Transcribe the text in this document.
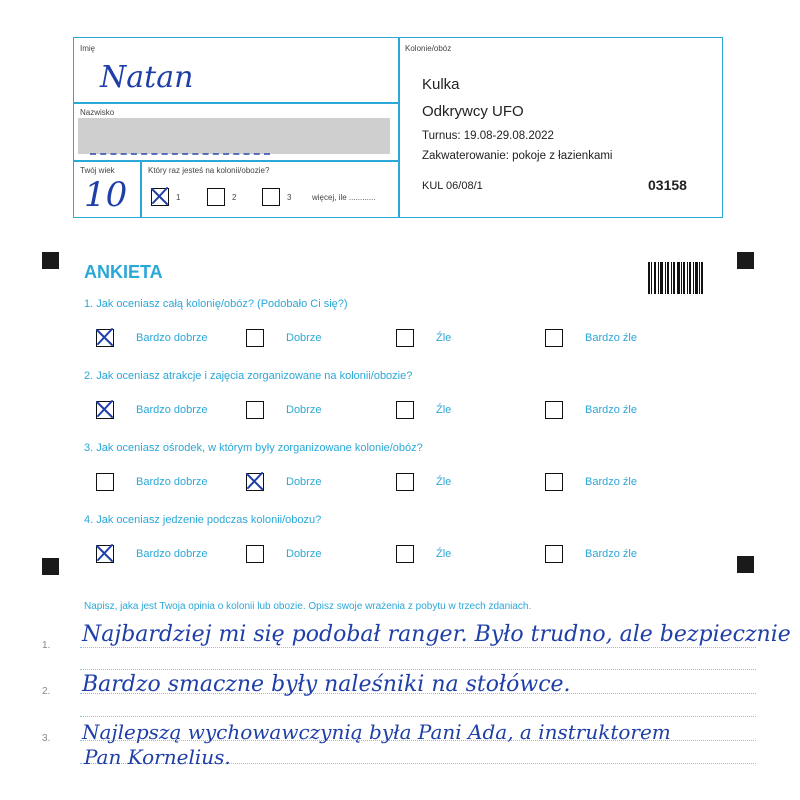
Imię
Natan
Nazwisko
Twój wiek
10
Który raz jesteś na kolonii/obozie?
1	2	3	więcej, ile ............
Kolonie/obóz
Kulka
Odkrywcy UFO
Turnus: 19.08-29.08.2022
Zakwaterowanie: pokoje z łazienkami
KUL 06/08/1	03158
ANKIETA
1. Jak oceniasz całą kolonię/obóz? (Podobało Ci się?)
Bardzo dobrze	Dobrze	Źle	Bardzo źle
2. Jak oceniasz atrakcje i zajęcia zorganizowane na kolonii/obozie?
Bardzo dobrze	Dobrze	Źle	Bardzo źle
3. Jak oceniasz ośrodek, w którym były zorganizowane kolonie/obóz?
Bardzo dobrze	Dobrze	Źle	Bardzo źle
4. Jak oceniasz jedzenie podczas kolonii/obozu?
Bardzo dobrze	Dobrze	Źle	Bardzo źle
Napisz, jaka jest Twoja opinia o kolonii lub obozie. Opisz swoje wrażenia z pobytu w trzech zdaniach.
1.
2.
3.
Najbardziej mi się podobał ranger. Było trudno, ale bezpiecznie
Bardzo smaczne były naleśniki na stołówce.
Najlepszą wychowawczynią była Pani Ada, a instruktorem
Pan Kornelius.
